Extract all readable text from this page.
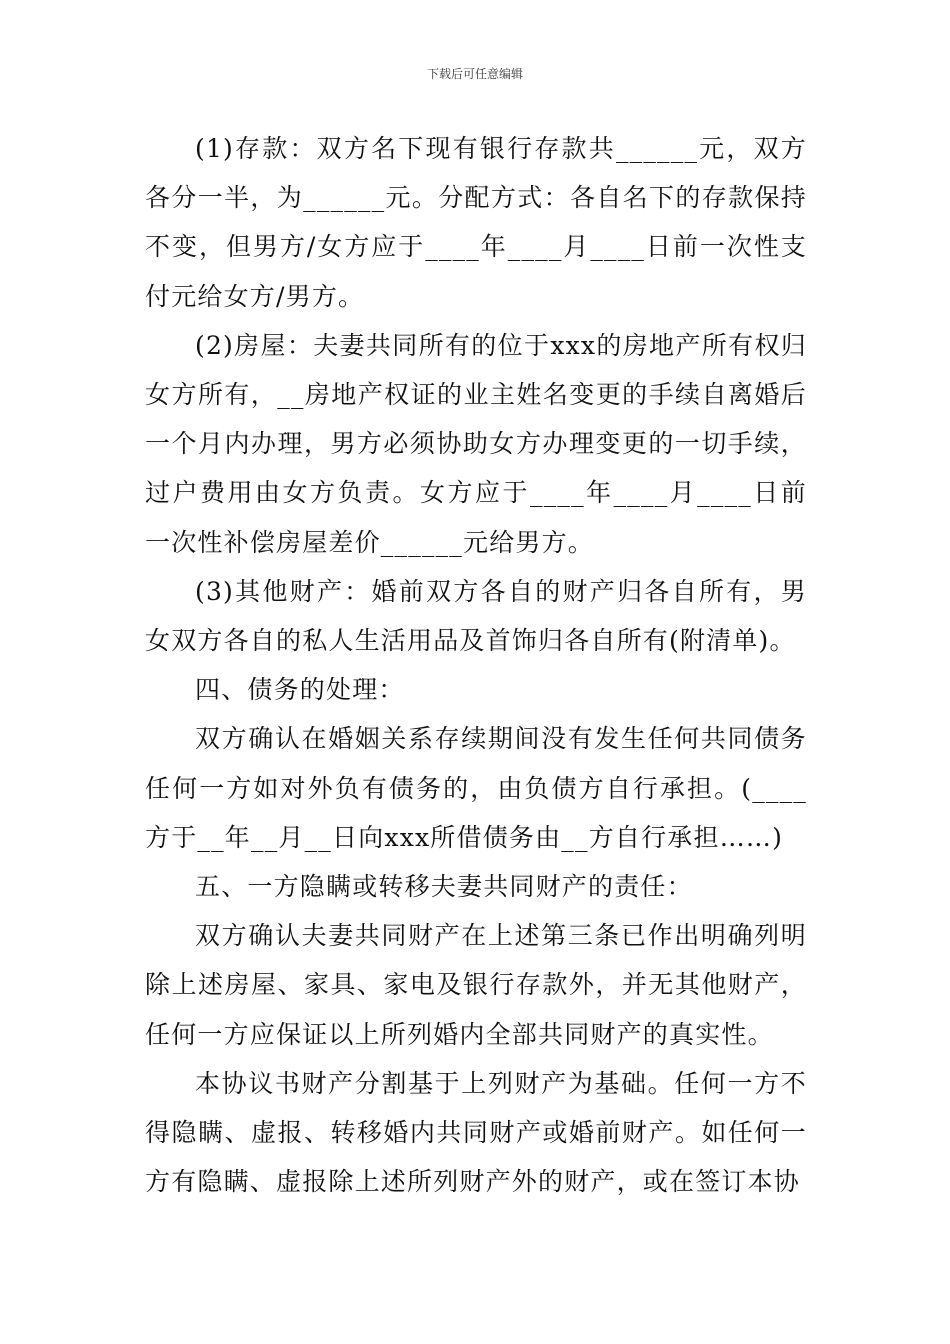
下载后可任意编辑

(1)存款：双方名下现有银行存款共______元，双方各分一半，为______元。分配方式：各自名下的存款保持不变，但男方/女方应于____年____月____日前一次性支付元给女方/男方。

(2)房屋：夫妻共同所有的位于xxx的房地产所有权归女方所有，__房地产权证的业主姓名变更的手续自离婚后一个月内办理，男方必须协助女方办理变更的一切手续，过户费用由女方负责。女方应于____年____月____日前一次性补偿房屋差价______元给男方。

(3)其他财产：婚前双方各自的财产归各自所有，男女双方各自的私人生活用品及首饰归各自所有(附清单)。

四、债务的处理：

双方确认在婚姻关系存续期间没有发生任何共同债务任何一方如对外负有债务的，由负债方自行承担。(____方于__年__月__日向xxx所借债务由__方自行承担……)

五、一方隐瞒或转移夫妻共同财产的责任：

双方确认夫妻共同财产在上述第三条已作出明确列明除上述房屋、家具、家电及银行存款外，并无其他财产，任何一方应保证以上所列婚内全部共同财产的真实性。

本协议书财产分割基于上列财产为基础。任何一方不得隐瞒、虚报、转移婚内共同财产或婚前财产。如任何一方有隐瞒、虚报除上述所列财产外的财产，或在签订本协
